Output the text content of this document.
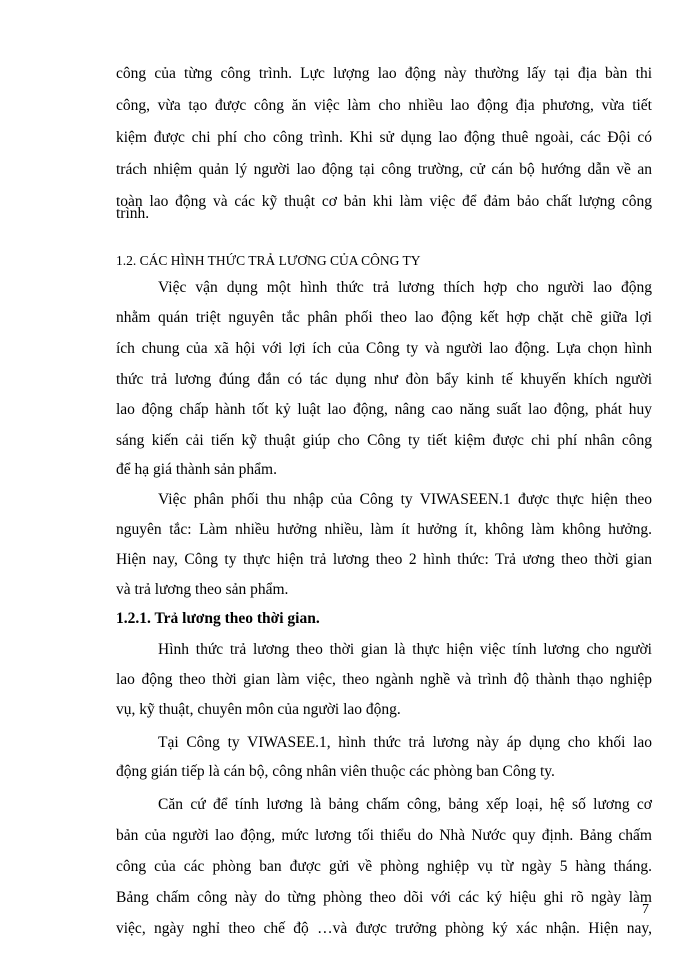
công của từng công trình. Lực lượng lao động này thường lấy tại địa bàn thi
công, vừa tạo được công ăn việc làm cho nhiều lao động địa phương, vừa tiết
kiệm được chi phí cho công trình. Khi sử dụng lao động thuê ngoài, các Đội có
trách nhiệm quản lý người lao động tại công trường, cử cán bộ hướng dẫn về an
toàn lao động và các kỹ thuật cơ bản khi làm việc để đảm bảo chất lượng công
trình.
1.2. CÁC HÌNH THỨC TRẢ LƯƠNG CỦA CÔNG TY
Việc vận dụng một hình thức trả lương thích hợp cho người lao động
nhằm quán triệt nguyên tắc phân phối theo lao động kết hợp chặt chẽ giữa lợi
ích chung của xã hội với lợi ích của Công ty và người lao động. Lựa chọn hình
thức trả lương đúng đắn có tác dụng như đòn bẩy kinh tế khuyến khích người
lao động chấp hành tốt kỷ luật lao động, nâng cao năng suất lao động, phát huy
sáng kiến cải tiến kỹ thuật giúp cho Công ty tiết kiệm được chi phí nhân công
để hạ giá thành sản phẩm.
Việc phân phối thu nhập của Công ty VIWASEEN.1 được thực hiện theo
nguyên tắc: Làm nhiều hưởng nhiều, làm ít hưởng ít, không làm không hưởng.
Hiện nay, Công ty thực hiện trả lương theo 2 hình thức: Trả ương theo thời gian
và trả lương theo sản phẩm.
1.2.1. Trả lương theo thời gian.
Hình thức trả lương theo thời gian là thực hiện việc tính lương cho người
lao động theo thời gian làm việc, theo ngành nghề và trình độ thành thạo nghiệp
vụ, kỹ thuật, chuyên môn của người lao động.
Tại Công ty VIWASEE.1, hình thức trả lương này áp dụng cho khối lao
động gián tiếp là cán bộ, công nhân viên thuộc các phòng ban Công ty.
Căn cứ để tính lương là bảng chấm công, bảng xếp loại, hệ số lương cơ
bản của người lao động, mức lương tối thiểu do Nhà Nước quy định. Bảng chấm
công của các phòng ban được gửi về phòng nghiệp vụ từ ngày 5 hàng tháng.
Bảng chấm công này do từng phòng theo dõi với các ký hiệu ghi rõ ngày làm
việc, ngày nghỉ theo chế độ …và được trưởng phòng ký xác nhận. Hiện nay,
7
